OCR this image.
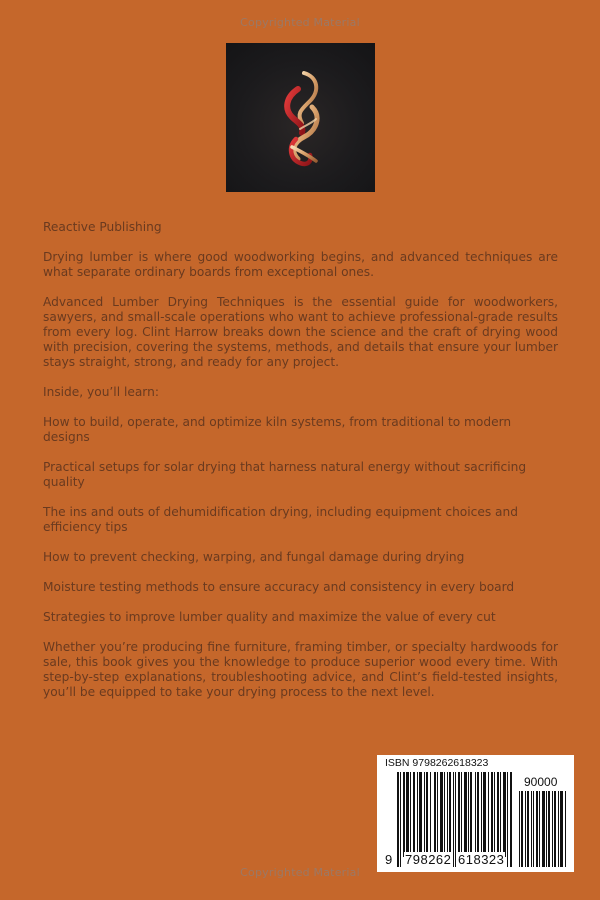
Copyrighted Material

Reactive Publishing

Drying lumber is where good woodworking begins, and advanced techniques are what separate ordinary boards from exceptional ones.

Advanced Lumber Drying Techniques is the essential guide for woodworkers, sawyers, and small-scale operations who want to achieve professional-grade results from every log. Clint Harrow breaks down the science and the craft of drying wood with precision, covering the systems, methods, and details that ensure your lumber stays straight, strong, and ready for any project.

Inside, you’ll learn:

How to build, operate, and optimize kiln systems, from traditional to modern designs

Practical setups for solar drying that harness natural energy without sacrificing quality

The ins and outs of dehumidification drying, including equipment choices and efficiency tips

How to prevent checking, warping, and fungal damage during drying

Moisture testing methods to ensure accuracy and consistency in every board

Strategies to improve lumber quality and maximize the value of every cut

Whether you’re producing fine furniture, framing timber, or specialty hardwoods for sale, this book gives you the knowledge to produce superior wood every time. With step-by-step explanations, troubleshooting advice, and Clint’s field-tested insights, you’ll be equipped to take your drying process to the next level.

ISBN 9798262618323
90000
9 798262 618323
Copyrighted Material
